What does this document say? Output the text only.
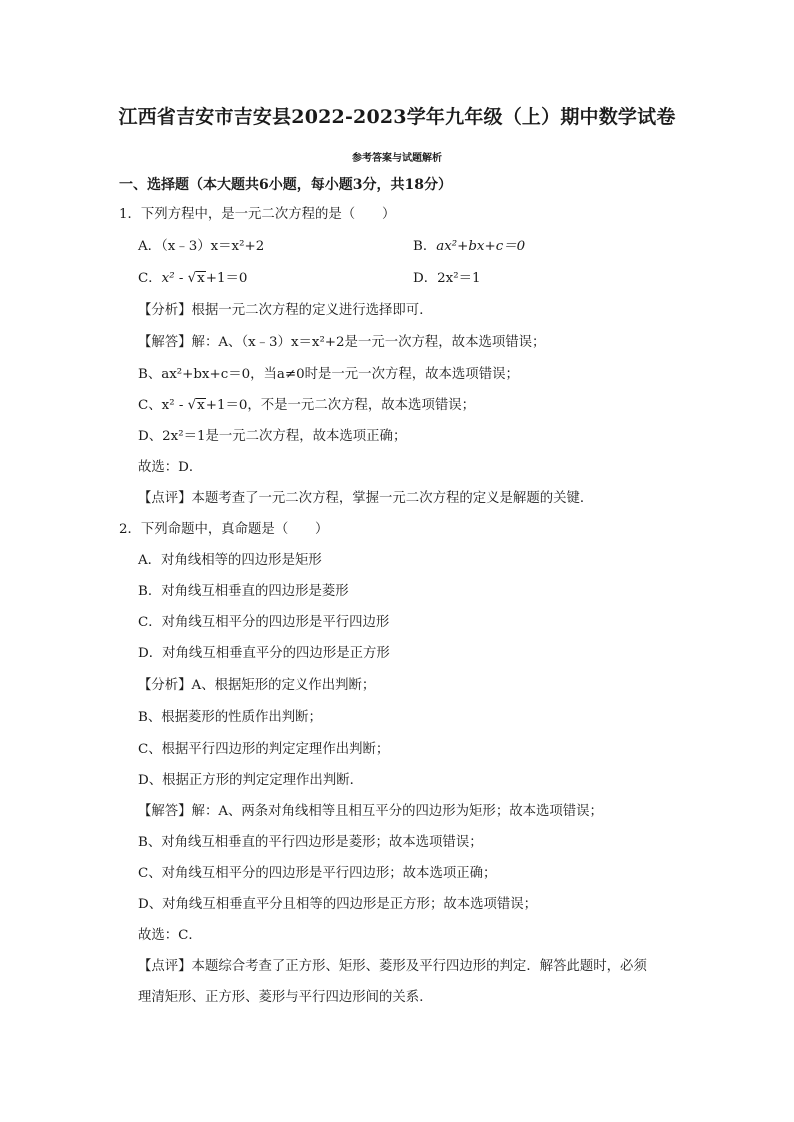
江西省吉安市吉安县2022-2023学年九年级（上）期中数学试卷
参考答案与试题解析
一、选择题（本大题共6小题，每小题3分，共18分）
1．下列方程中，是一元二次方程的是（　　）
A．（x﹣3）x＝x²+2	B．ax²+bx+c＝0
C．x² - √x+1＝0	D．2x²＝1
【分析】根据一元二次方程的定义进行选择即可．
【解答】解：A、（x﹣3）x＝x²+2是一元一次方程，故本选项错误；
B、ax²+bx+c＝0，当a≠0时是一元一次方程，故本选项错误；
C、x² - √x+1＝0，不是一元二次方程，故本选项错误；
D、2x²＝1是一元二次方程，故本选项正确；
故选：D．
【点评】本题考查了一元二次方程，掌握一元二次方程的定义是解题的关键．
2．下列命题中，真命题是（　　）
A．对角线相等的四边形是矩形
B．对角线互相垂直的四边形是菱形
C．对角线互相平分的四边形是平行四边形
D．对角线互相垂直平分的四边形是正方形
【分析】A、根据矩形的定义作出判断；
B、根据菱形的性质作出判断；
C、根据平行四边形的判定定理作出判断；
D、根据正方形的判定定理作出判断．
【解答】解：A、两条对角线相等且相互平分的四边形为矩形；故本选项错误；
B、对角线互相垂直的平行四边形是菱形；故本选项错误；
C、对角线互相平分的四边形是平行四边形；故本选项正确；
D、对角线互相垂直平分且相等的四边形是正方形；故本选项错误；
故选：C．
【点评】本题综合考查了正方形、矩形、菱形及平行四边形的判定．解答此题时，必须
理清矩形、正方形、菱形与平行四边形间的关系．
